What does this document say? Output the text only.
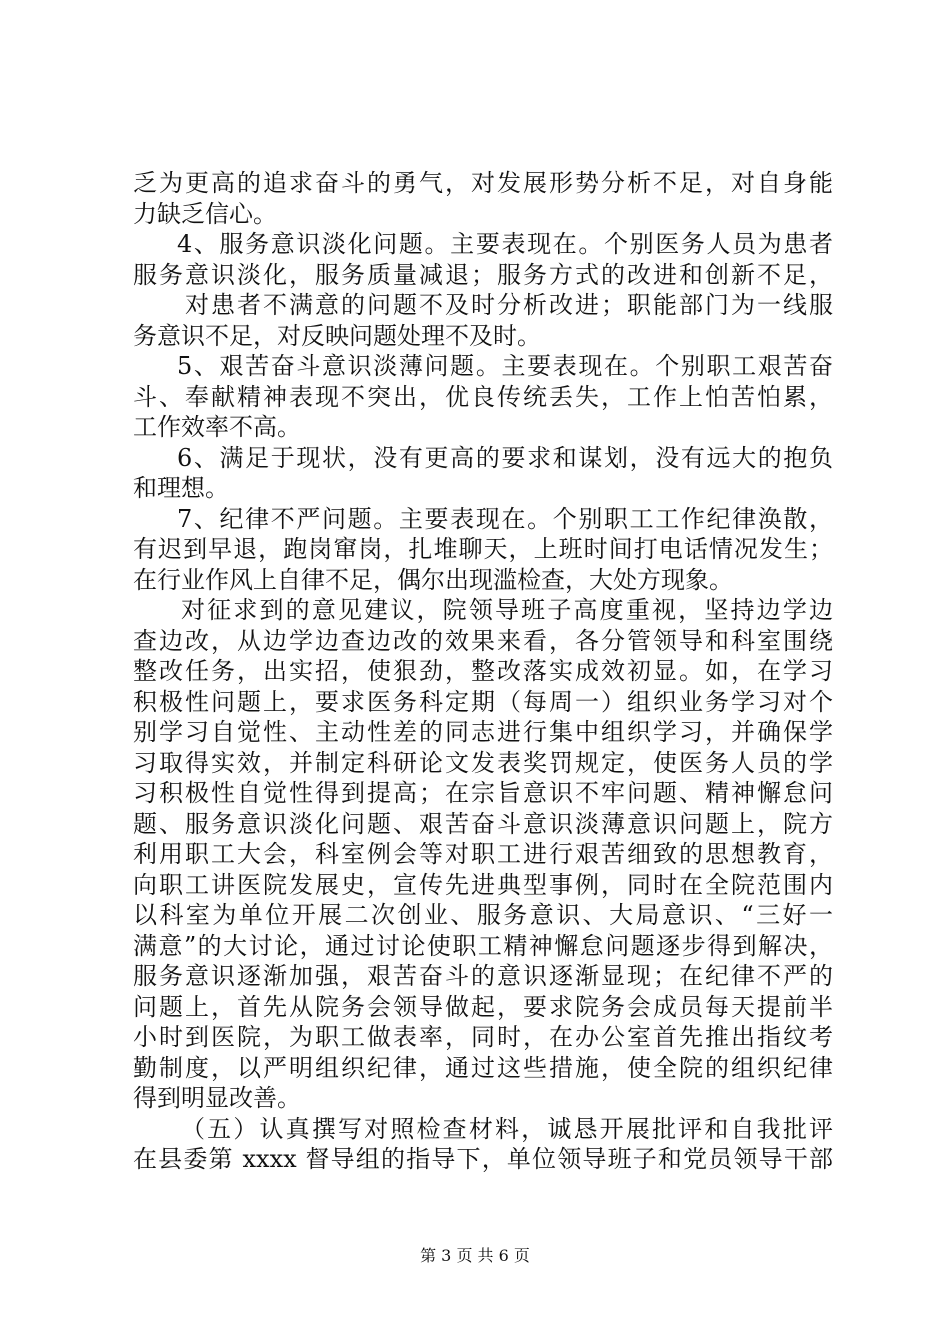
乏为更高的追求奋斗的勇气，对发展形势分析不足，对自身能
力缺乏信心。
4、服务意识淡化问题。主要表现在。个别医务人员为患者
服务意识淡化，服务质量减退；服务方式的改进和创新不足，
对患者不满意的问题不及时分析改进；职能部门为一线服
务意识不足，对反映问题处理不及时。
5、艰苦奋斗意识淡薄问题。主要表现在。个别职工艰苦奋
斗、奉献精神表现不突出，优良传统丢失，工作上怕苦怕累，
工作效率不高。
6、满足于现状，没有更高的要求和谋划，没有远大的抱负
和理想。
7、纪律不严问题。主要表现在。个别职工工作纪律涣散，
有迟到早退，跑岗窜岗，扎堆聊天，上班时间打电话情况发生；
在行业作风上自律不足，偶尔出现滥检查，大处方现象。
对征求到的意见建议，院领导班子高度重视，坚持边学边
查边改，从边学边查边改的效果来看，各分管领导和科室围绕
整改任务，出实招，使狠劲，整改落实成效初显。如，在学习
积极性问题上，要求医务科定期（每周一）组织业务学习对个
别学习自觉性、主动性差的同志进行集中组织学习，并确保学
习取得实效，并制定科研论文发表奖罚规定，使医务人员的学
习积极性自觉性得到提高；在宗旨意识不牢问题、精神懈怠问
题、服务意识淡化问题、艰苦奋斗意识淡薄意识问题上，院方
利用职工大会，科室例会等对职工进行艰苦细致的思想教育，
向职工讲医院发展史，宣传先进典型事例，同时在全院范围内
以科室为单位开展二次创业、服务意识、大局意识、“三好一
满意”的大讨论，通过讨论使职工精神懈怠问题逐步得到解决，
服务意识逐渐加强，艰苦奋斗的意识逐渐显现；在纪律不严的
问题上，首先从院务会领导做起，要求院务会成员每天提前半
小时到医院，为职工做表率，同时，在办公室首先推出指纹考
勤制度，以严明组织纪律，通过这些措施，使全院的组织纪律
得到明显改善。
（五）认真撰写对照检查材料，诚恳开展批评和自我批评
在县委第 xxxx 督导组的指导下，单位领导班子和党员领导干部
第 3 页 共 6 页
